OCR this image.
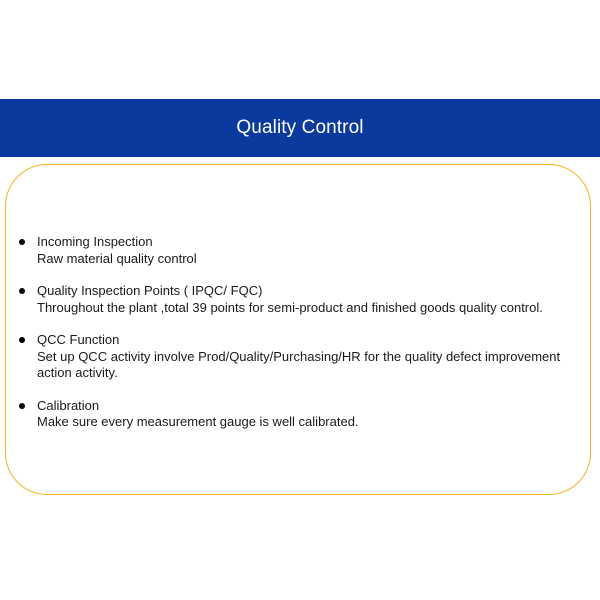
Quality Control
Incoming Inspection
Raw material quality control
Quality Inspection Points ( IPQC/ FQC)
Throughout the plant ,total 39 points for semi-product and finished goods quality control.
QCC Function
Set up QCC activity involve Prod/Quality/Purchasing/HR for the quality defect improvement action activity.
Calibration
Make sure every measurement gauge is well calibrated.
